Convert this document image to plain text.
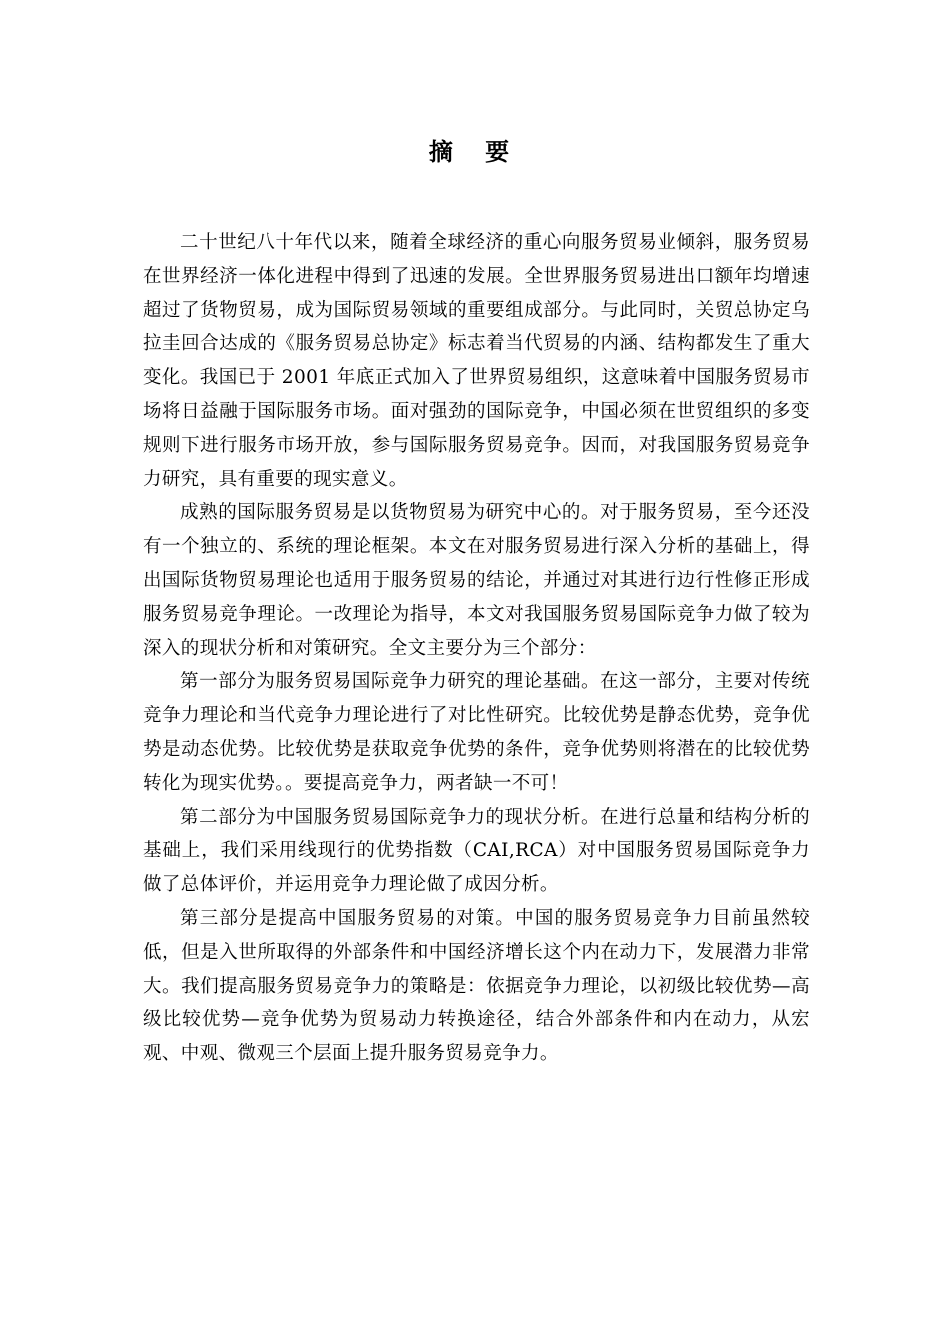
摘 要

二十世纪八十年代以来，随着全球经济的重心向服务贸易业倾斜，服务贸易在世界经济一体化进程中得到了迅速的发展。全世界服务贸易进出口额年均增速超过了货物贸易，成为国际贸易领域的重要组成部分。与此同时，关贸总协定乌拉圭回合达成的《服务贸易总协定》标志着当代贸易的内涵、结构都发生了重大变化。我国已于 2001 年底正式加入了世界贸易组织，这意味着中国服务贸易市场将日益融于国际服务市场。面对强劲的国际竞争，中国必须在世贸组织的多变规则下进行服务市场开放，参与国际服务贸易竞争。因而，对我国服务贸易竞争力研究，具有重要的现实意义。

成熟的国际服务贸易是以货物贸易为研究中心的。对于服务贸易，至今还没有一个独立的、系统的理论框架。本文在对服务贸易进行深入分析的基础上，得出国际货物贸易理论也适用于服务贸易的结论，并通过对其进行边行性修正形成服务贸易竞争理论。一改理论为指导，本文对我国服务贸易国际竞争力做了较为深入的现状分析和对策研究。全文主要分为三个部分：

第一部分为服务贸易国际竞争力研究的理论基础。在这一部分，主要对传统竞争力理论和当代竞争力理论进行了对比性研究。比较优势是静态优势，竞争优势是动态优势。比较优势是获取竞争优势的条件，竞争优势则将潜在的比较优势转化为现实优势。。要提高竞争力，两者缺一不可！

第二部分为中国服务贸易国际竞争力的现状分析。在进行总量和结构分析的基础上，我们采用线现行的优势指数（CAI,RCA）对中国服务贸易国际竞争力做了总体评价，并运用竞争力理论做了成因分析。

第三部分是提高中国服务贸易的对策。中国的服务贸易竞争力目前虽然较低，但是入世所取得的外部条件和中国经济增长这个内在动力下，发展潜力非常大。我们提高服务贸易竞争力的策略是：依据竞争力理论，以初级比较优势—高级比较优势—竞争优势为贸易动力转换途径，结合外部条件和内在动力，从宏观、中观、微观三个层面上提升服务贸易竞争力。
